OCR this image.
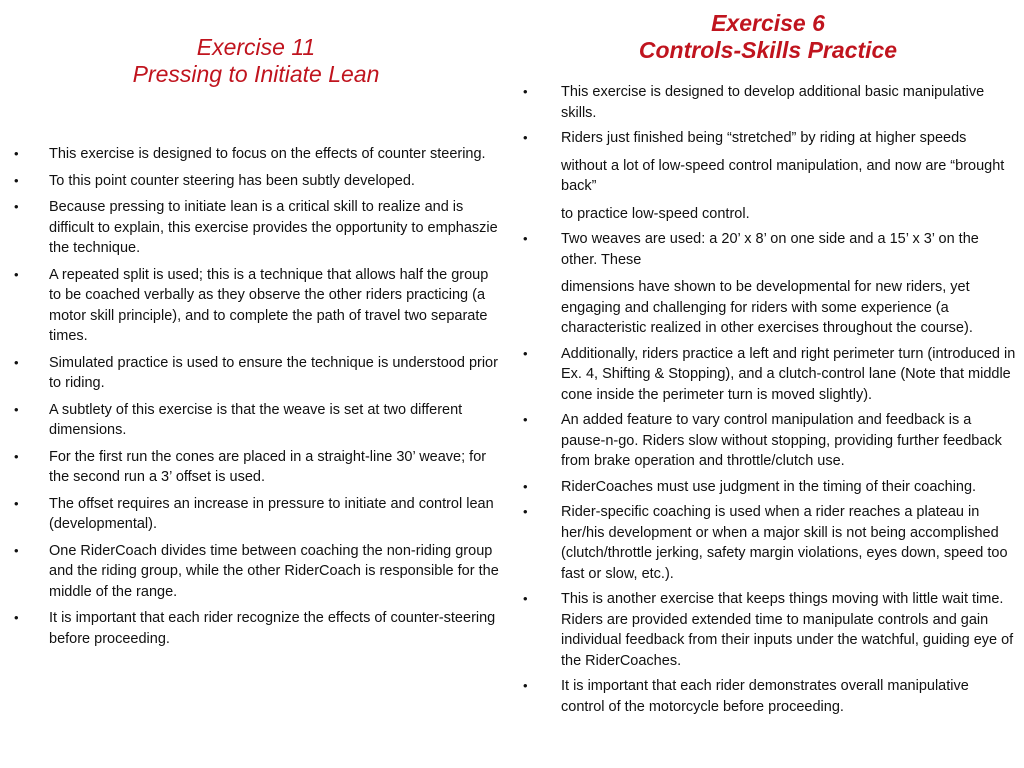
Exercise 11
Pressing to Initiate Lean
• This exercise is designed to focus on the effects of counter steering.

• To this point counter steering has been subtly developed.

• Because pressing to initiate lean is a critical skill to realize and is difficult to explain, this exercise provides the opportunity to emphaszie the technique.

• A repeated split is used; this is a technique that allows half the group to be coached verbally as they observe the other riders practicing (a motor skill principle), and to complete the path of travel two separate times.

• Simulated practice is used to ensure the technique is understood prior to riding.

• A subtlety of this exercise is that the weave is set at two different dimensions.

• For the first run the cones are placed in a straight-line 30’ weave; for the second run a 3’ offset is used.

• The offset requires an increase in pressure to initiate and control lean (developmental).

• One RiderCoach divides time between coaching the non-riding group and the riding group, while the other RiderCoach is responsible for the middle of the range.

• It is important that each rider recognize the effects of counter-steering before proceeding.

Exercise 6
Controls-Skills Practice
• This exercise is designed to develop additional basic manipulative skills.

• Riders just finished being “stretched” by riding at higher speeds

without a lot of low-speed control manipulation, and now are “brought back”

to practice low-speed control.

• Two weaves are used: a 20’ x 8’ on one side and a 15’ x 3’ on the other. These

dimensions have shown to be developmental for new riders, yet engaging and challenging for riders with some experience (a characteristic realized in other exercises throughout the course).

• Additionally, riders practice a left and right perimeter turn (introduced in Ex. 4, Shifting & Stopping), and a clutch-control lane (Note that middle cone inside the perimeter turn is moved slightly).

• An added feature to vary control manipulation and feedback is a pause-n-go. Riders slow without stopping, providing further feedback from brake operation and throttle/clutch use.

• RiderCoaches must use judgment in the timing of their coaching.

• Rider-specific coaching is used when a rider reaches a plateau in her/his development or when a major skill is not being accomplished (clutch/throttle jerking, safety margin violations, eyes down, speed too fast or slow, etc.).

• This is another exercise that keeps things moving with little wait time. Riders are provided extended time to manipulate controls and gain individual feedback from their inputs under the watchful, guiding eye of the RiderCoaches.

• It is important that each rider demonstrates overall manipulative control of the motorcycle before proceeding.
